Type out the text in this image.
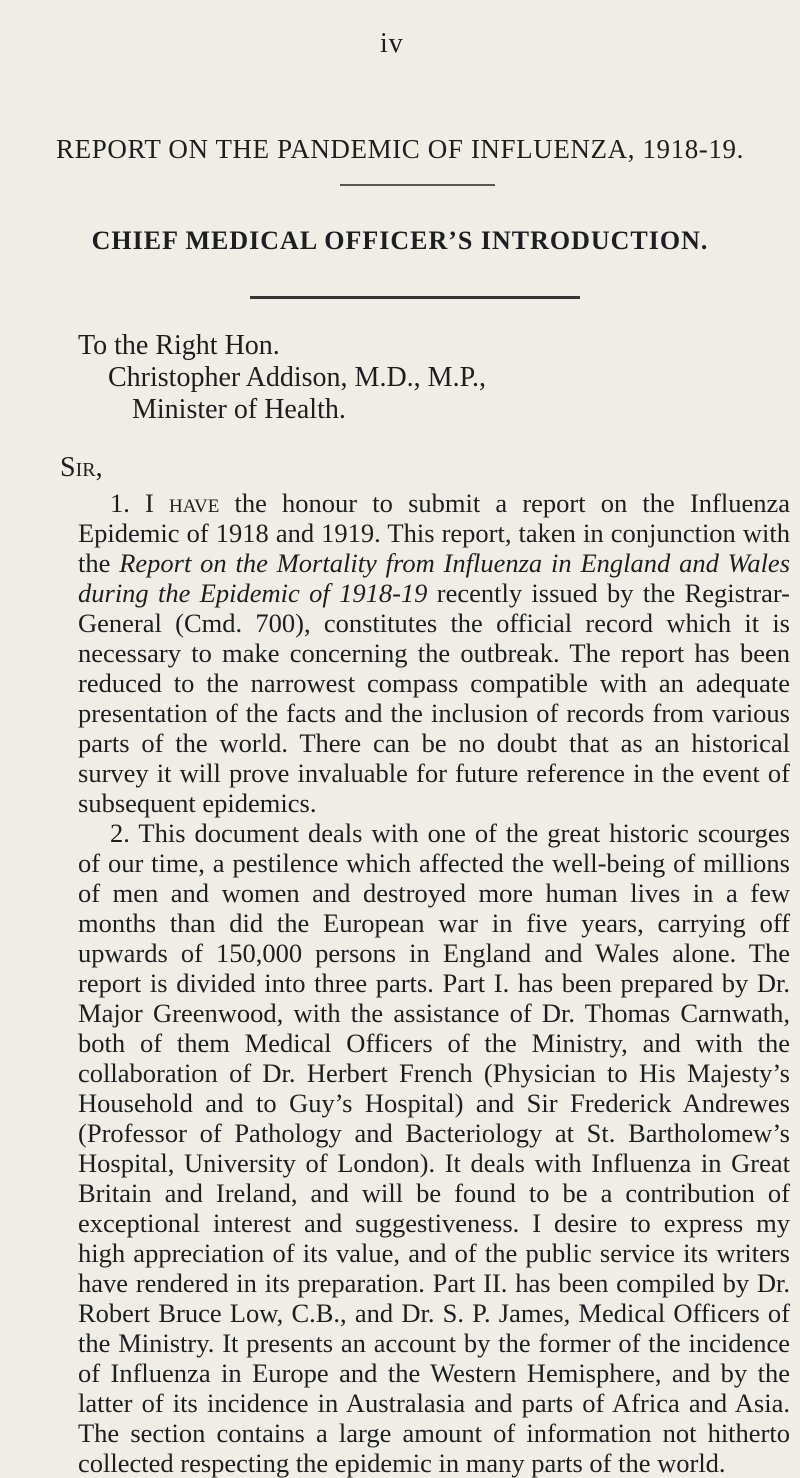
iv
REPORT ON THE PANDEMIC OF INFLUENZA, 1918-19.
CHIEF MEDICAL OFFICER’S INTRODUCTION.
To the Right Hon.
Christopher Addison, M.D., M.P.,
Minister of Health.
Sir,

1. I have the honour to submit a report on the Influenza Epidemic of 1918 and 1919. This report, taken in conjunction with the Report on the Mortality from Influenza in England and Wales during the Epidemic of 1918-19 recently issued by the Registrar-General (Cmd. 700), constitutes the official record which it is necessary to make concerning the outbreak. The report has been reduced to the narrowest compass compatible with an adequate presentation of the facts and the inclusion of records from various parts of the world. There can be no doubt that as an historical survey it will prove invaluable for future reference in the event of subsequent epidemics.

2. This document deals with one of the great historic scourges of our time, a pestilence which affected the well-being of millions of men and women and destroyed more human lives in a few months than did the European war in five years, carrying off upwards of 150,000 persons in England and Wales alone. The report is divided into three parts. Part I. has been prepared by Dr. Major Greenwood, with the assistance of Dr. Thomas Carnwath, both of them Medical Officers of the Ministry, and with the collaboration of Dr. Herbert French (Physician to His Majesty’s Household and to Guy’s Hospital) and Sir Frederick Andrewes (Professor of Pathology and Bacteriology at St. Bartholomew’s Hospital, University of London). It deals with Influenza in Great Britain and Ireland, and will be found to be a contribution of exceptional interest and suggestiveness. I desire to express my high appreciation of its value, and of the public service its writers have rendered in its preparation. Part II. has been compiled by Dr. Robert Bruce Low, C.B., and Dr. S. P. James, Medical Officers of the Ministry. It presents an account by the former of the incidence of Influenza in Europe and the Western Hemisphere, and by the latter of its incidence in Australasia and parts of Africa and Asia. The section contains a large amount of information not hitherto collected respecting the epidemic in many parts of the world.
